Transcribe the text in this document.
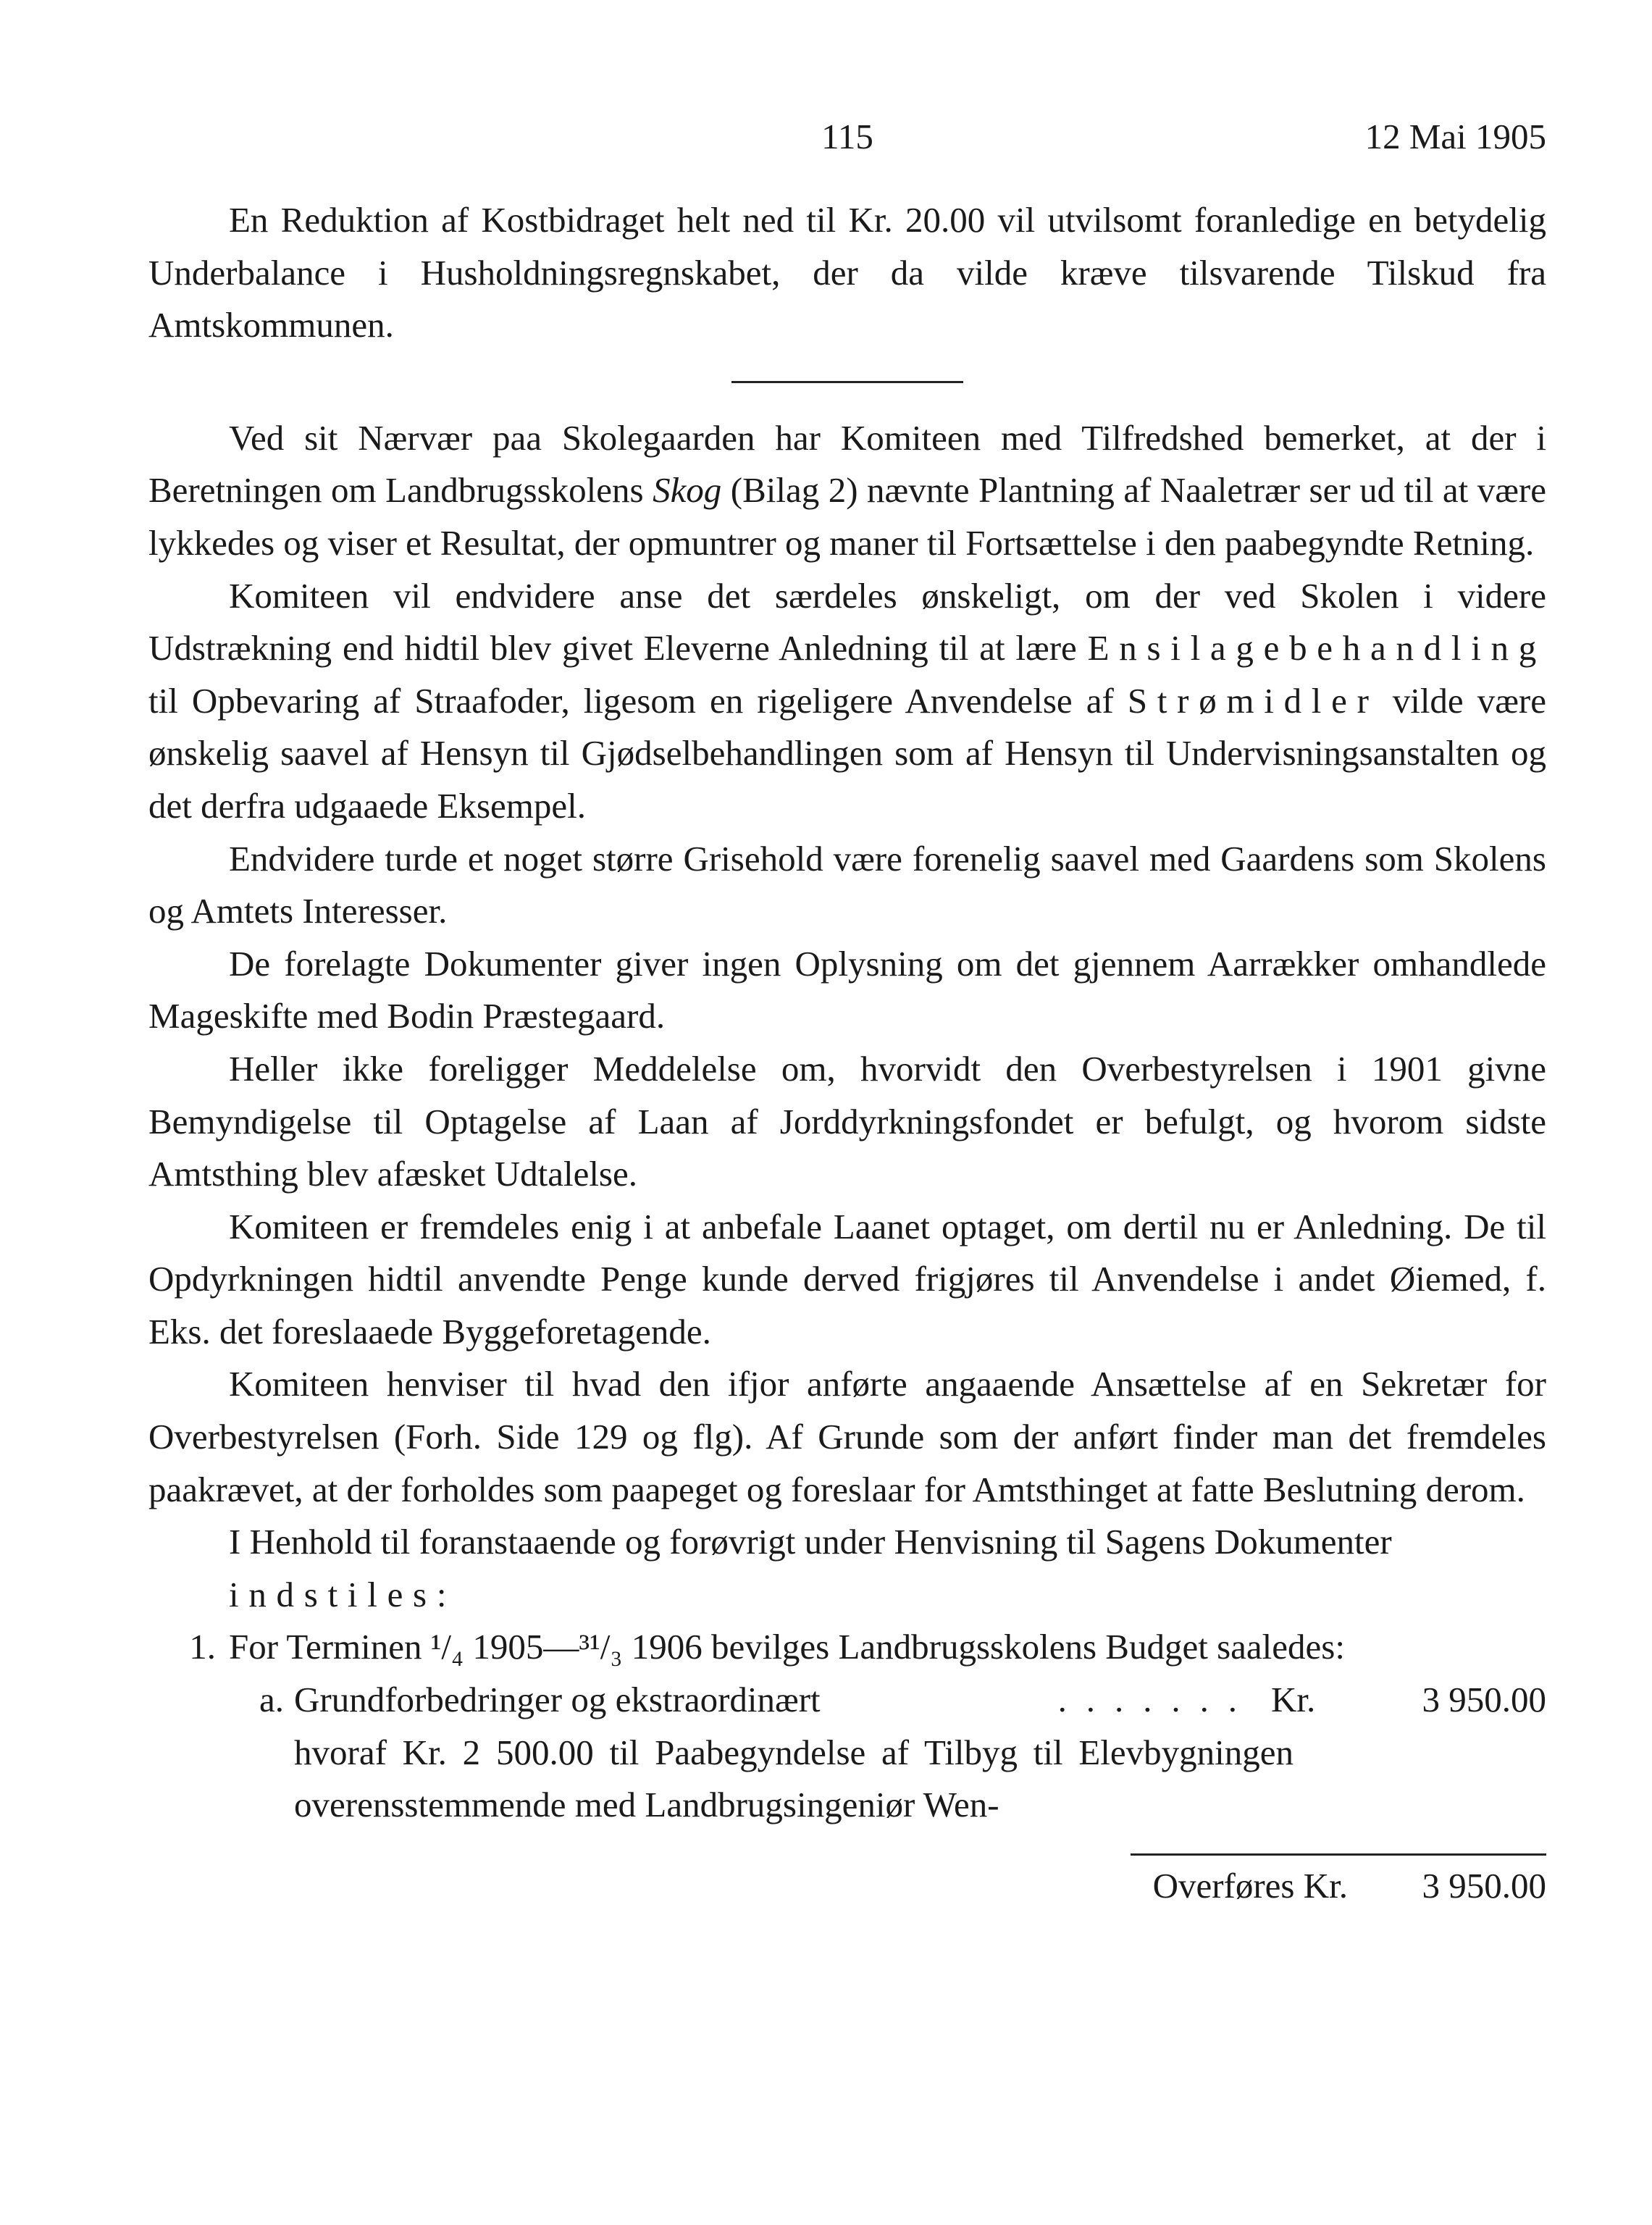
115	12 Mai 1905

En Reduktion af Kostbidraget helt ned til Kr. 20.00 vil utvilsomt foranledige en betydelig Underbalance i Husholdningsregnskabet, der da vilde kræve tilsvarende Tilskud fra Amtskommunen.

Ved sit Nærvær paa Skolegaarden har Komiteen med Tilfredshed bemerket, at der i Beretningen om Landbrugsskolens Skog (Bilag 2) nævnte Plantning af Naaletrær ser ud til at være lykkedes og viser et Resultat, der opmuntrer og maner til Fortsættelse i den paabegyndte Retning.

Komiteen vil endvidere anse det særdeles ønskeligt, om der ved Skolen i videre Udstrækning end hidtil blev givet Eleverne Anledning til at lære Ensilagebehandling til Opbevaring af Straafoder, ligesom en rigeligere Anvendelse af Strømidler vilde være ønskelig saavel af Hensyn til Gjødselbehandlingen som af Hensyn til Undervisningsanstalten og det derfra udgaaede Eksempel.

Endvidere turde et noget større Grisehold være forenelig saavel med Gaardens som Skolens og Amtets Interesser.

De forelagte Dokumenter giver ingen Oplysning om det gjennem Aarrækker omhandlede Mageskifte med Bodin Præstegaard.

Heller ikke foreligger Meddelelse om, hvorvidt den Overbestyrelsen i 1901 givne Bemyndigelse til Optagelse af Laan af Jorddyrkningsfondet er befulgt, og hvorom sidste Amtsthing blev afæsket Udtalelse.

Komiteen er fremdeles enig i at anbefale Laanet optaget, om dertil nu er Anledning. De til Opdyrkningen hidtil anvendte Penge kunde derved frigjøres til Anvendelse i andet Øiemed, f. Eks. det foreslaaede Byggeforetagende.

Komiteen henviser til hvad den ifjor anførte angaaende Ansættelse af en Sekretær for Overbestyrelsen (Forh. Side 129 og flg). Af Grunde som der anført finder man det fremdeles paakrævet, at der forholdes som paapeget og foreslaar for Amtsthinget at fatte Beslutning derom.

I Henhold til foranstaaende og forøvrigt under Henvisning til Sagens Dokumenter

indstiles:

1. For Terminen ¹/₄ 1905—³¹/₃ 1906 bevilges Landbrugsskolens Budget saaledes:
a. Grundforbedringer og ekstraordinært	....... Kr.	3 950.00
hvoraf Kr. 2 500.00 til Paabegyndelse af Tilbyg til Elevbygningen overensstemmende med Landbrugsingeniør Wen-
Overføres Kr.	3 950.00
